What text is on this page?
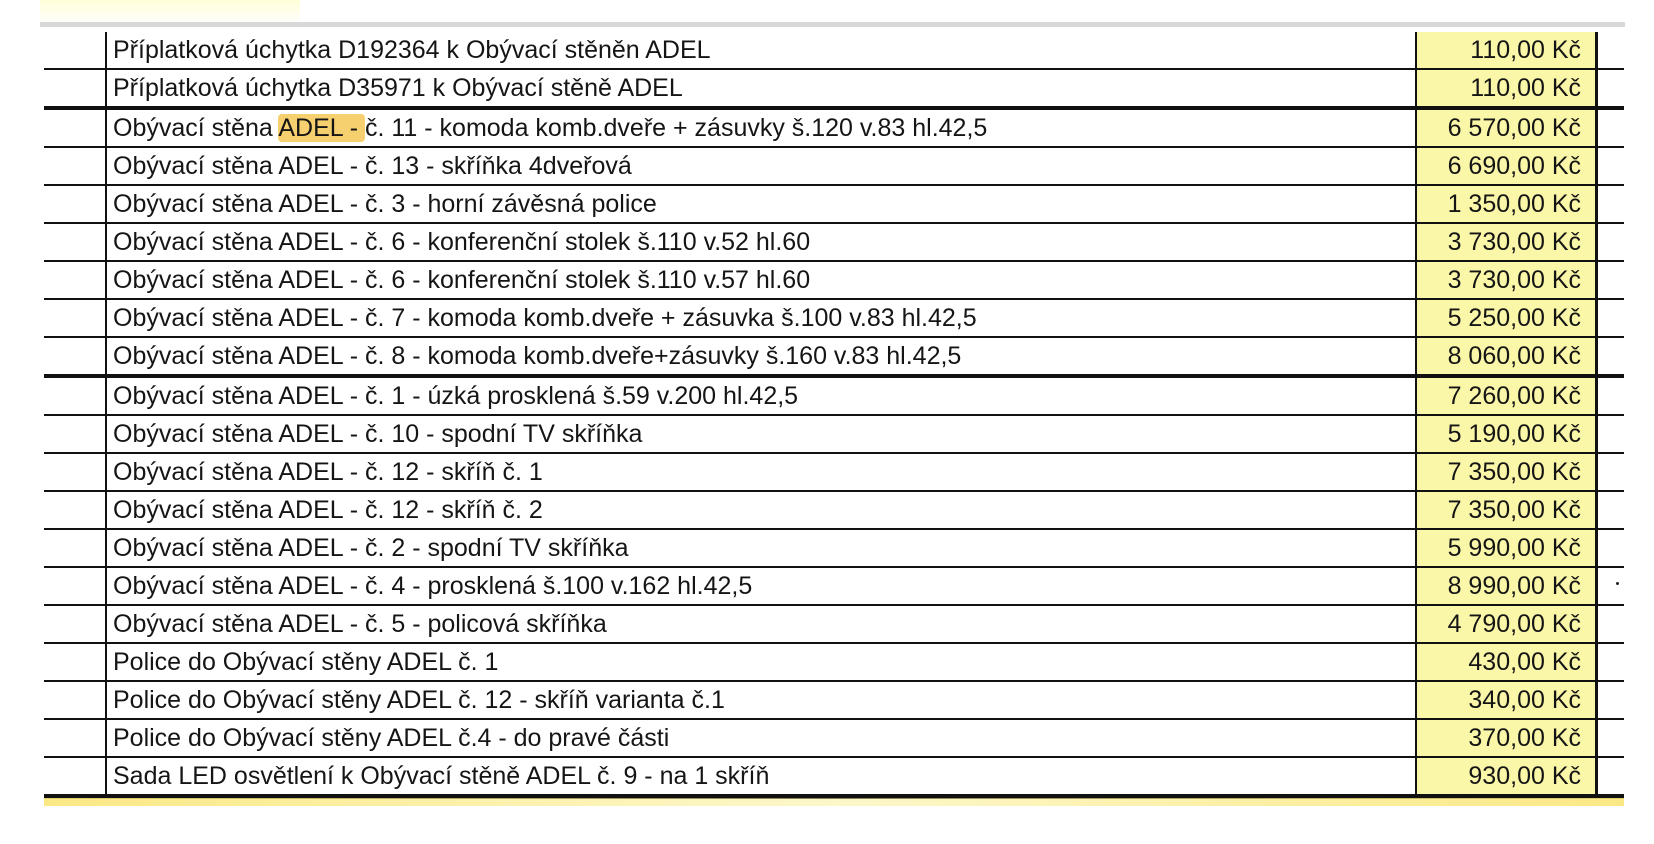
	Příplatková úchytka D192364 k Obývací stěněn ADEL	110,00 Kč	
	Příplatková úchytka D35971 k Obývací stěně ADEL	110,00 Kč	
	Obývací stěna ADEL - č. 11 - komoda komb.dveře + zásuvky š.120 v.83 hl.42,5	6 570,00 Kč	
	Obývací stěna ADEL - č. 13 - skříňka 4dveřová	6 690,00 Kč	
	Obývací stěna ADEL - č. 3 - horní závěsná police	1 350,00 Kč	
	Obývací stěna ADEL - č. 6 - konferenční stolek š.110 v.52 hl.60	3 730,00 Kč	
	Obývací stěna ADEL - č. 6 - konferenční stolek š.110 v.57 hl.60	3 730,00 Kč	
	Obývací stěna ADEL - č. 7 - komoda komb.dveře + zásuvka š.100 v.83 hl.42,5	5 250,00 Kč	
	Obývací stěna ADEL - č. 8 - komoda komb.dveře+zásuvky š.160 v.83 hl.42,5	8 060,00 Kč	
	Obývací stěna ADEL - č. 1 - úzká prosklená š.59 v.200 hl.42,5	7 260,00 Kč	
	Obývací stěna ADEL - č. 10 - spodní TV skříňka	5 190,00 Kč	
	Obývací stěna ADEL - č. 12 - skříň č. 1	7 350,00 Kč	
	Obývací stěna ADEL - č. 12 - skříň č. 2	7 350,00 Kč	
	Obývací stěna ADEL - č. 2 - spodní TV skříňka	5 990,00 Kč	
	Obývací stěna ADEL - č. 4 - prosklená š.100 v.162 hl.42,5	8 990,00 Kč	
	Obývací stěna ADEL - č. 5 - policová skříňka	4 790,00 Kč	
	Police do Obývací stěny ADEL č. 1	430,00 Kč	
	Police do Obývací stěny ADEL č. 12 - skříň varianta č.1	340,00 Kč	
	Police do Obývací stěny ADEL č.4 - do pravé části	370,00 Kč	
	Sada LED osvětlení k Obývací stěně ADEL č. 9 - na 1 skříň	930,00 Kč	
